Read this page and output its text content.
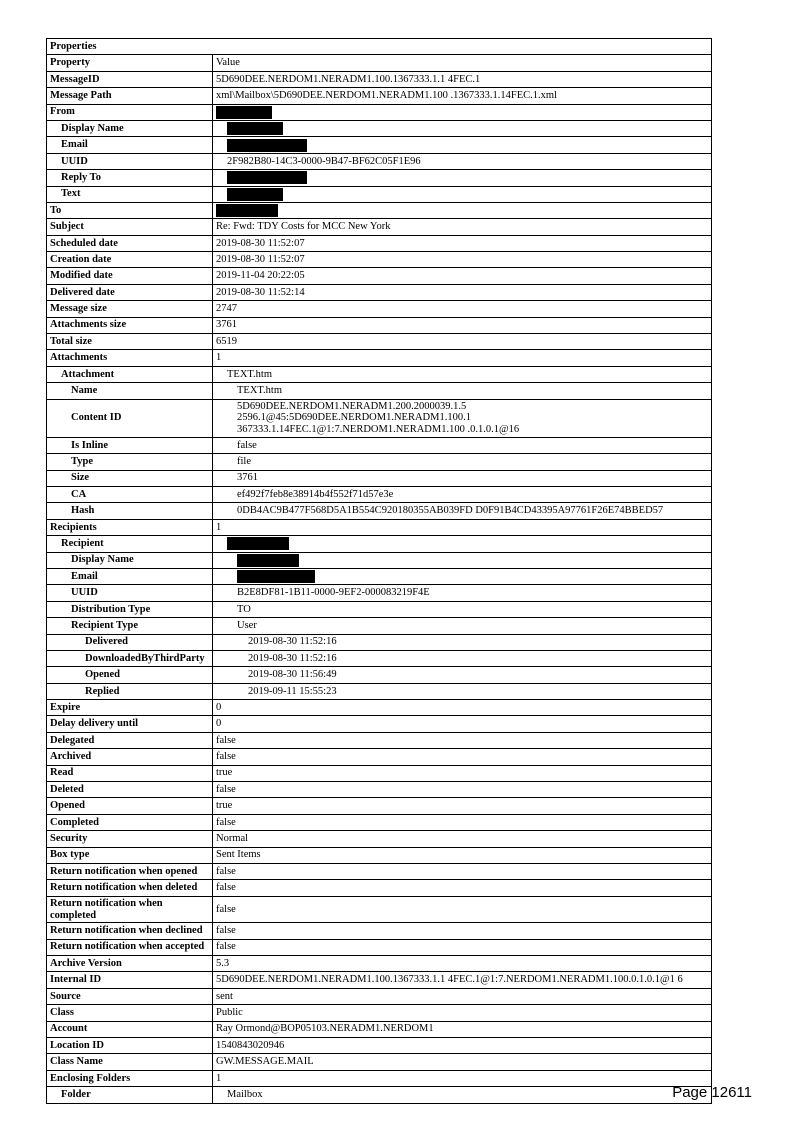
Properties	
Property	Value
MessageID	5D690DEE.NERDOM1.NERADM1.100.1367333.1.1 4FEC.1
Message Path	xml\Mailbox\5D690DEE.NERDOM1.NERADM1.100 .1367333.1.14FEC.1.xml
From	
Display Name	
Email	
UUID	2F982B80-14C3-0000-9B47-BF62C05F1E96
Reply To	
Text	
To	
Subject	Re: Fwd: TDY Costs for MCC New York
Scheduled date	2019-08-30 11:52:07
Creation date	2019-08-30 11:52:07
Modified date	2019-11-04 20:22:05
Delivered date	2019-08-30 11:52:14
Message size	2747
Attachments size	3761
Total size	6519
Attachments	1
Attachment	TEXT.htm
Name	TEXT.htm
Content ID	5D690DEE.NERDOM1.NERADM1.200.2000039.1.5
2596.1@45:5D690DEE.NERDOM1.NERADM1.100.1
367333.1.14FEC.1@1:7.NERDOM1.NERADM1.100 .0.1.0.1@16
Is Inline	false
Type	file
Size	3761
CA	ef492f7feb8e38914b4f552f71d57e3e
Hash	0DB4AC9B477F568D5A1B554C920180355AB039FD D0F91B4CD43395A97761F26E74BBED57
Recipients	1
Recipient	
Display Name	
Email	
UUID	B2E8DF81-1B11-0000-9EF2-000083219F4E
Distribution Type	TO
Recipient Type	User
Delivered	2019-08-30 11:52:16
DownloadedByThirdParty	2019-08-30 11:52:16
Opened	2019-08-30 11:56:49
Replied	2019-09-11 15:55:23
Expire	0
Delay delivery until	0
Delegated	false
Archived	false
Read	true
Deleted	false
Opened	true
Completed	false
Security	Normal
Box type	Sent Items
Return notification when opened	false
Return notification when deleted	false
Return notification when completed	false
Return notification when declined	false
Return notification when accepted	false
Archive Version	5.3
Internal ID	5D690DEE.NERDOM1.NERADM1.100.1367333.1.1 4FEC.1@1:7.NERDOM1.NERADM1.100.0.1.0.1@1 6
Source	sent
Class	Public
Account	Ray Ormond@BOP05103.NERADM1.NERDOM1
Location ID	1540843020946
Class Name	GW.MESSAGE.MAIL
Enclosing Folders	1
Folder	Mailbox	Page 12611
